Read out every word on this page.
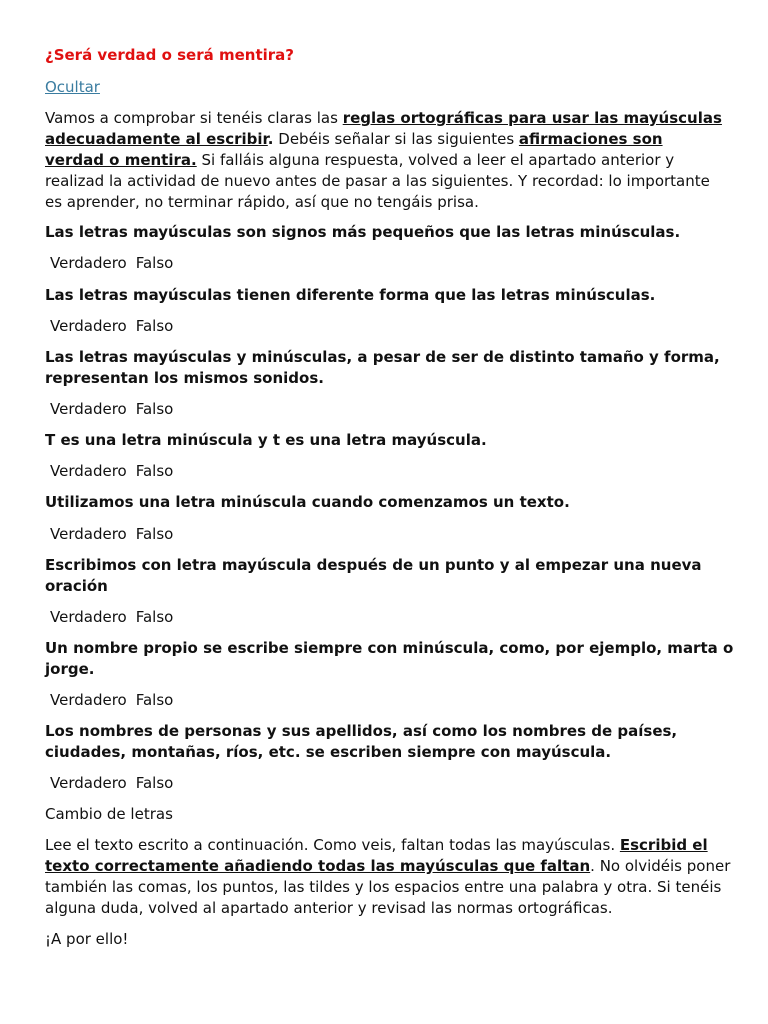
¿Será verdad o será mentira?
Ocultar

Vamos a comprobar si tenéis claras las reglas ortográficas para usar las mayúsculas adecuadamente al escribir. Debéis señalar si las siguientes afirmaciones son verdad o mentira. Si falláis alguna respuesta, volved a leer el apartado anterior y realizad la actividad de nuevo antes de pasar a las siguientes. Y recordad: lo importante es aprender, no terminar rápido, así que no tengáis prisa.

Las letras mayúsculas son signos más pequeños que las letras minúsculas.

Verdadero Falso

Las letras mayúsculas tienen diferente forma que las letras minúsculas.

Verdadero Falso

Las letras mayúsculas y minúsculas, a pesar de ser de distinto tamaño y forma, representan los mismos sonidos.

Verdadero Falso

T es una letra minúscula y t es una letra mayúscula.

Verdadero Falso

Utilizamos una letra minúscula cuando comenzamos un texto.

Verdadero Falso

Escribimos con letra mayúscula después de un punto y al empezar una nueva oración

Verdadero Falso

Un nombre propio se escribe siempre con minúscula, como, por ejemplo, marta o jorge.

Verdadero Falso

Los nombres de personas y sus apellidos, así como los nombres de países, ciudades, montañas, ríos, etc. se escriben siempre con mayúscula.

Verdadero Falso
Cambio de letras

Lee el texto escrito a continuación. Como veis, faltan todas las mayúsculas. Escribid el texto correctamente añadiendo todas las mayúsculas que faltan. No olvidéis poner también las comas, los puntos, las tildes y los espacios entre una palabra y otra. Si tenéis alguna duda, volved al apartado anterior y revisad las normas ortográficas.

¡A por ello!
